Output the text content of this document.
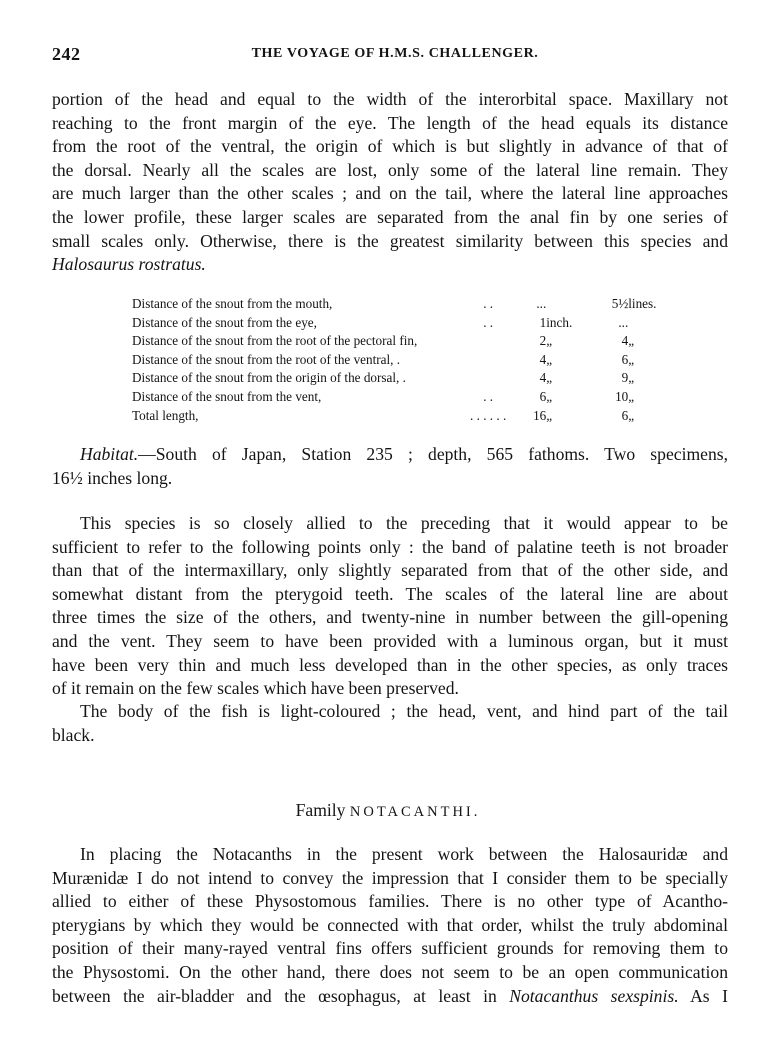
242	THE VOYAGE OF H.M.S. CHALLENGER.
portion of the head and equal to the width of the interorbital space. Maxillary not
reaching to the front margin of the eye. The length of the head equals its distance
from the root of the ventral, the origin of which is but slightly in advance of that of
the dorsal. Nearly all the scales are lost, only some of the lateral line remain. They
are much larger than the other scales ; and on the tail, where the lateral line approaches
the lower profile, these larger scales are separated from the anal fin by one series of
small scales only. Otherwise, there is the greatest similarity between this species and
Halosaurus rostratus.
Distance of the snout from the mouth,	. .	...		5½	lines.
Distance of the snout from the eye,	. .	1	inch.	...	
Distance of the snout from the root of the pectoral fin,		2	„	4	„
Distance of the snout from the root of the ventral, .		4	„	6	„
Distance of the snout from the origin of the dorsal, .		4	„	9	„
Distance of the snout from the vent,	. .	6	„	10	„
Total length,	. . . . . .	16	„	6	„
Habitat.—South of Japan, Station 235 ; depth, 565 fathoms. Two specimens,
16½ inches long.
This species is so closely allied to the preceding that it would appear to be
sufficient to refer to the following points only : the band of palatine teeth is not broader
than that of the intermaxillary, only slightly separated from that of the other side, and
somewhat distant from the pterygoid teeth. The scales of the lateral line are about
three times the size of the others, and twenty-nine in number between the gill-opening
and the vent. They seem to have been provided with a luminous organ, but it must
have been very thin and much less developed than in the other species, as only traces
of it remain on the few scales which have been preserved.
The body of the fish is light-coloured ; the head, vent, and hind part of the tail
black.
Family NOTACANTHI.
In placing the Notacanths in the present work between the Halosauridæ and
Murænidæ I do not intend to convey the impression that I consider them to be specially
allied to either of these Physostomous families. There is no other type of Acantho-
pterygians by which they would be connected with that order, whilst the truly abdominal
position of their many-rayed ventral fins offers sufficient grounds for removing them to
the Physostomi. On the other hand, there does not seem to be an open communication
between the air-bladder and the œsophagus, at least in Notacanthus sexspinis. As I
